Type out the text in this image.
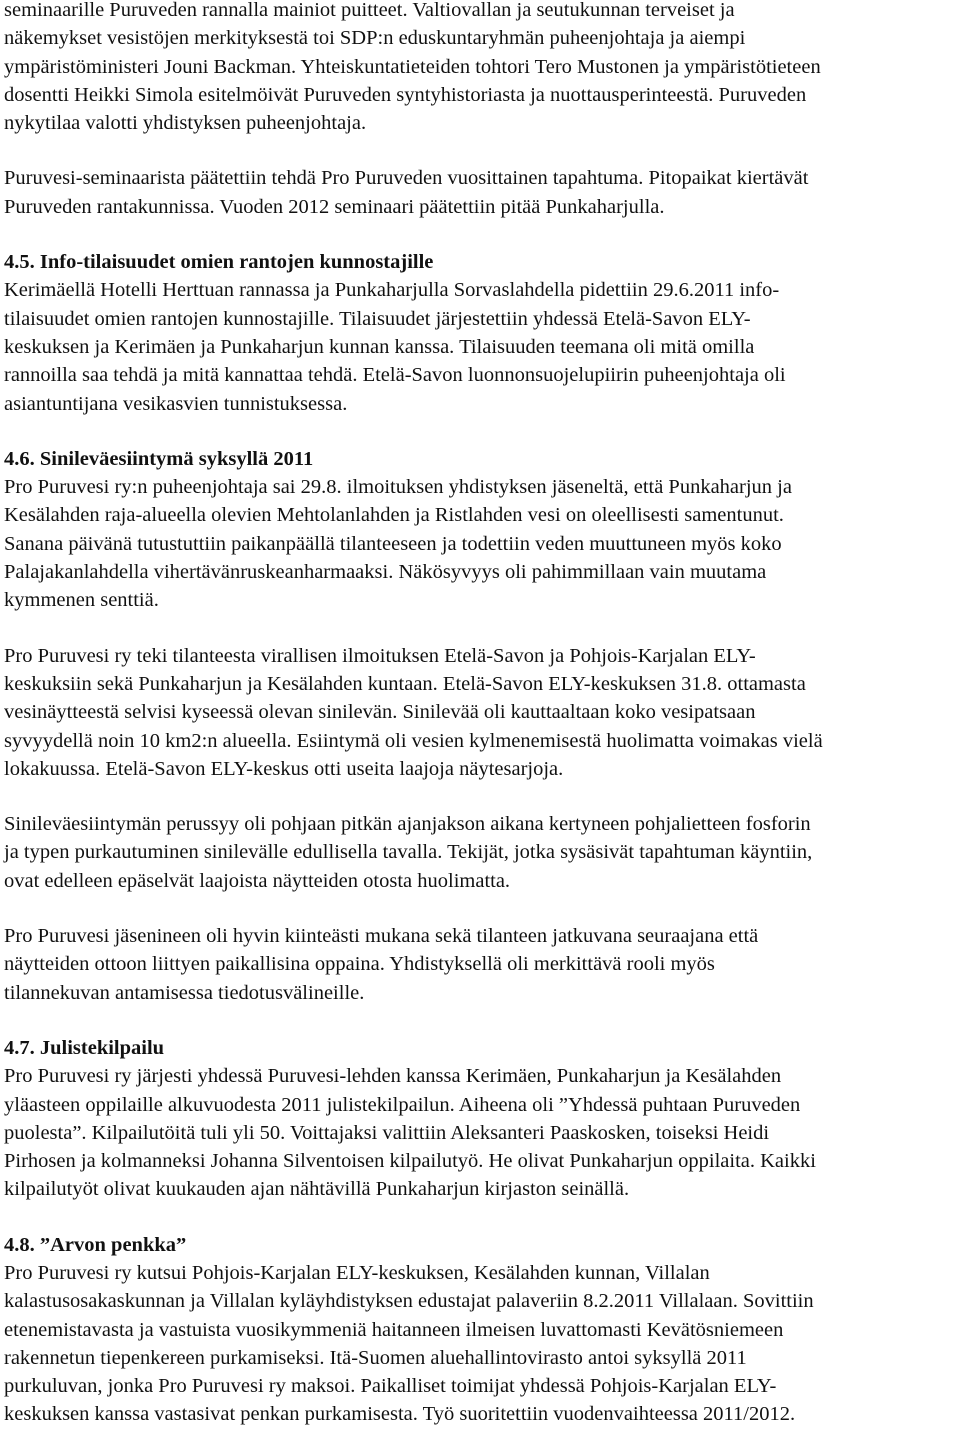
seminaarille Puruveden rannalla mainiot puitteet. Valtiovallan ja seutukunnan terveiset ja
näkemykset vesistöjen merkityksestä toi SDP:n eduskuntaryhmän puheenjohtaja ja aiempi
ympäristöministeri Jouni Backman. Yhteiskuntatieteiden tohtori Tero Mustonen ja ympäristötieteen
dosentti Heikki Simola esitelmöivät Puruveden syntyhistoriasta ja nuottausperinteestä. Puruveden
nykytilaa valotti yhdistyksen puheenjohtaja.

Puruvesi-seminaarista päätettiin tehdä Pro Puruveden vuosittainen tapahtuma. Pitopaikat kiertävät
Puruveden rantakunnissa. Vuoden 2012 seminaari päätettiin pitää Punkaharjulla.

4.5. Info-tilaisuudet omien rantojen kunnostajille

Kerimäellä Hotelli Herttuan rannassa ja Punkaharjulla Sorvaslahdella pidettiin 29.6.2011 info-
tilaisuudet omien rantojen kunnostajille. Tilaisuudet järjestettiin yhdessä Etelä-Savon ELY-
keskuksen ja Kerimäen ja Punkaharjun kunnan kanssa. Tilaisuuden teemana oli mitä omilla
rannoilla saa tehdä ja mitä kannattaa tehdä. Etelä-Savon luonnonsuojelupiirin puheenjohtaja oli
asiantuntijana vesikasvien tunnistuksessa.

4.6. Sinileväesiintymä syksyllä 2011

Pro Puruvesi ry:n puheenjohtaja sai 29.8. ilmoituksen yhdistyksen jäseneltä, että Punkaharjun ja
Kesälahden raja-alueella olevien Mehtolanlahden ja Ristlahden vesi on oleellisesti samentunut.
Sanana päivänä tutustuttiin paikanpäällä tilanteeseen ja todettiin veden muuttuneen myös koko
Palajakanlahdella vihertävänruskeanharmaaksi. Näkösyvyys oli pahimmillaan vain muutama
kymmenen senttiä.

Pro Puruvesi ry teki tilanteesta virallisen ilmoituksen Etelä-Savon ja Pohjois-Karjalan ELY-
keskuksiin sekä Punkaharjun ja Kesälahden kuntaan. Etelä-Savon ELY-keskuksen 31.8. ottamasta
vesinäytteestä selvisi kyseessä olevan sinilevän. Sinilevää oli kauttaaltaan koko vesipatsaan
syvyydellä noin 10 km2:n alueella. Esiintymä oli vesien kylmenemisestä huolimatta voimakas vielä
lokakuussa. Etelä-Savon ELY-keskus otti useita laajoja näytesarjoja.

Sinileväesiintymän perussyy oli pohjaan pitkän ajanjakson aikana kertyneen pohjalietteen fosforin
ja typen purkautuminen sinilevälle edullisella tavalla. Tekijät, jotka sysäsivät tapahtuman käyntiin,
ovat edelleen epäselvät laajoista näytteiden otosta huolimatta.

Pro Puruvesi jäsenineen oli hyvin kiinteästi mukana sekä tilanteen jatkuvana seuraajana että
näytteiden ottoon liittyen paikallisina oppaina. Yhdistyksellä oli merkittävä rooli myös
tilannekuvan antamisessa tiedotusvälineille.

4.7. Julistekilpailu

Pro Puruvesi ry järjesti yhdessä Puruvesi-lehden kanssa Kerimäen, Punkaharjun ja Kesälahden
yläasteen oppilaille alkuvuodesta 2011 julistekilpailun. Aiheena oli ”Yhdessä puhtaan Puruveden
puolesta”. Kilpailutöitä tuli yli 50. Voittajaksi valittiin Aleksanteri Paaskosken, toiseksi Heidi
Pirhosen ja kolmanneksi Johanna Silventoisen kilpailutyö. He olivat Punkaharjun oppilaita. Kaikki
kilpailutyöt olivat kuukauden ajan nähtävillä Punkaharjun kirjaston seinällä.

4.8. ”Arvon penkka”

Pro Puruvesi ry kutsui Pohjois-Karjalan ELY-keskuksen, Kesälahden kunnan, Villalan
kalastusosakaskunnan ja Villalan kyläyhdistyksen edustajat palaveriin 8.2.2011 Villalaan. Sovittiin
etenemistavasta ja vastuista vuosikymmeniä haitanneen ilmeisen luvattomasti Kevätösniemeen
rakennetun tiepenkereen purkamiseksi. Itä-Suomen aluehallintovirasto antoi syksyllä 2011
purkuluvan, jonka Pro Puruvesi ry maksoi. Paikalliset toimijat yhdessä Pohjois-Karjalan ELY-
keskuksen kanssa vastasivat penkan purkamisesta. Työ suoritettiin vuodenvaihteessa 2011/2012.
